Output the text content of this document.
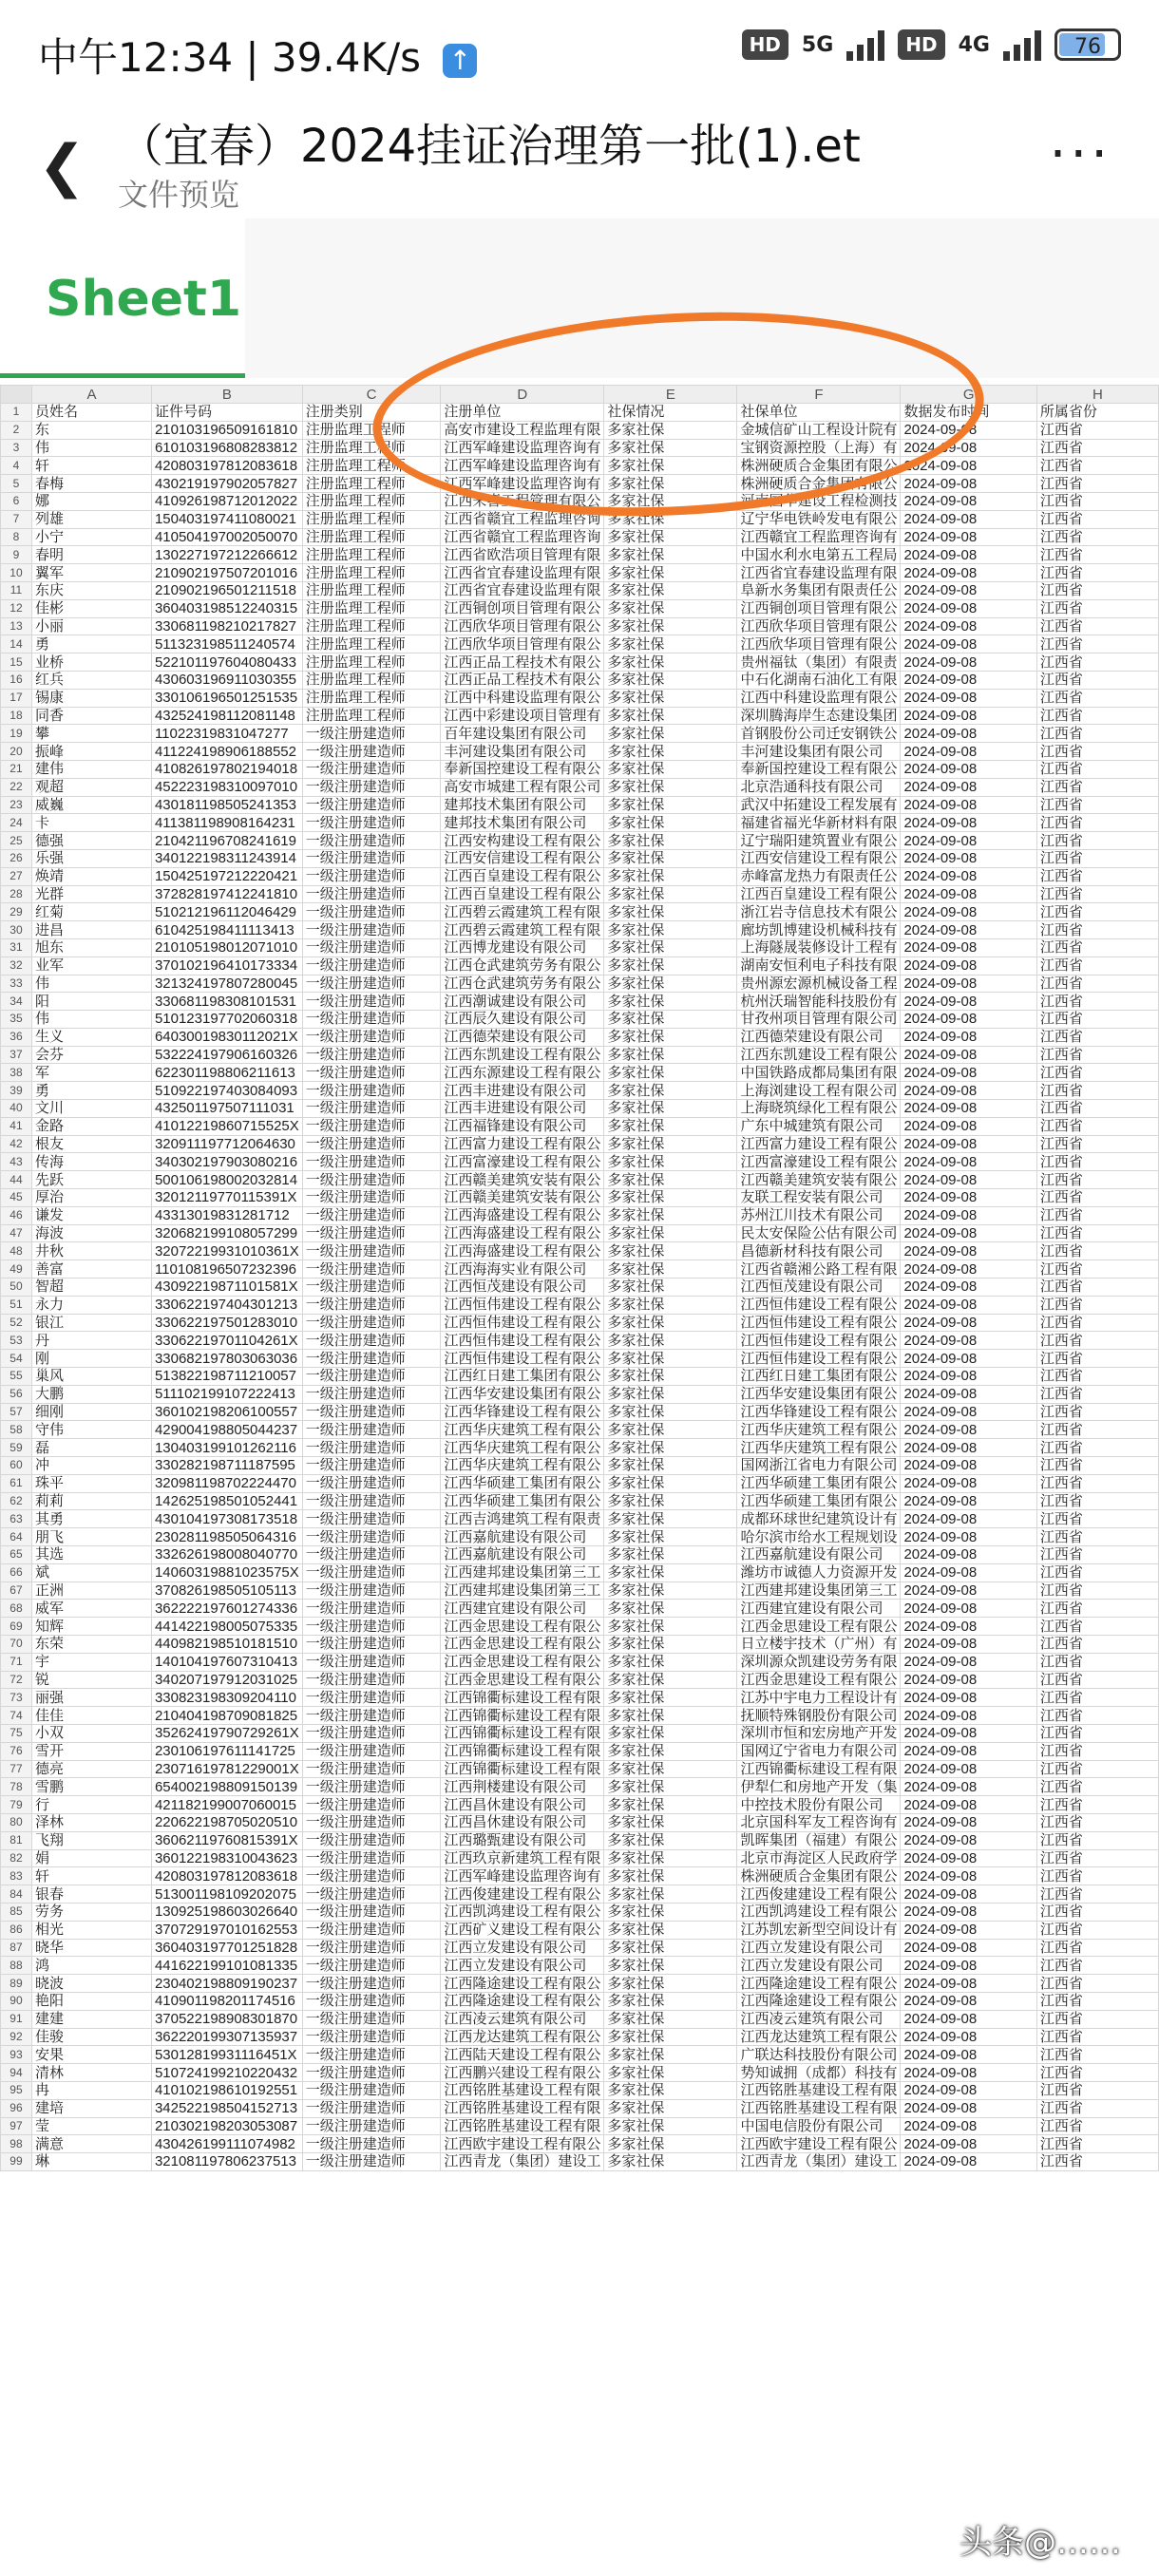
中午12:34 | 39.4K/s ↑	HD	5G	HD	4G	76
❮ （宜春）2024挂证治理第一批(1).et
文件预览
···
Sheet1
	A	B	C	D	E	F	G	H
1	员姓名	证件号码	注册类别	注册单位	社保情况	社保单位	数据发布时间	所属省份
2	东	21010319650916181​0	注册监理工程师	高安市建设工程监理有限	多家社保	金城信矿山工程设计院有	2024-09-08	江西省
3	伟	61010319680828381​2	注册监理工程师	江西军峰建设监理咨询有	多家社保	宝钢资源控股（上海）有	2024-09-08	江西省
4	轩	42080319781208361​8	注册监理工程师	江西军峰建设监理咨询有	多家社保	株洲硬质合金集团有限公	2024-09-08	江西省
5	春梅	43021919790205782​7	注册监理工程师	江西军峰建设监理咨询有	多家社保	株洲硬质合金集团有限公	2024-09-08	江西省
6	娜	41092619871201202​2	注册监理工程师	江西来喜工程管理有限公	多家社保	河南国华建设工程检测技	2024-09-08	江西省
7	列雄	15040319741108002​1	注册监理工程师	江西省赣宜工程监理咨询	多家社保	辽宁华电铁岭发电有限公	2024-09-08	江西省
8	小宁	41050419700205007​0	注册监理工程师	江西省赣宜工程监理咨询	多家社保	江西赣宜工程监理咨询有	2024-09-08	江西省
9	春明	13022719721226661​2	注册监理工程师	江西省欧浩项目管理有限	多家社保	中国水利水电第五工程局	2024-09-08	江西省
10	翼军	21090219750720101​6	注册监理工程师	江西省宜春建设监理有限	多家社保	江西省宜春建设监理有限	2024-09-08	江西省
11	东庆	21090219650121151​8	注册监理工程师	江西省宜春建设监理有限	多家社保	阜新水务集团有限责任公	2024-09-08	江西省
12	佳彬	36040319851224031​5	注册监理工程师	江西铜创项目管理有限公	多家社保	江西铜创项目管理有限公	2024-09-08	江西省
13	小丽	33068119821021782​7	注册监理工程师	江西欣华项目管理有限公	多家社保	江西欣华项目管理有限公	2024-09-08	江西省
14	勇	51132319851124057​4	注册监理工程师	江西欣华项目管理有限公	多家社保	江西欣华项目管理有限公	2024-09-08	江西省
15	业桥	52210119760408043​3	注册监理工程师	江西正品工程技术有限公	多家社保	贵州福钛（集团）有限责	2024-09-08	江西省
16	红兵	43060319691103035​5	注册监理工程师	江西正品工程技术有限公	多家社保	中石化湖南石油化工有限	2024-09-08	江西省
17	锡康	33010619650125153​5	注册监理工程师	江西中科建设监理有限公	多家社保	江西中科建设监理有限公	2024-09-08	江西省
18	同香	43252419811208114​8	注册监理工程师	江西中彩建设项目管理有	多家社保	深圳腾海岸生态建设集团	2024-09-08	江西省
19	攀	11022319831047277	一级注册建造师	百年建设集团有限公司	多家社保	首钢股份公司迁安钢铁公	2024-09-08	江西省
20	振峰	41122419890618855​2	一级注册建造师	丰河建设集团有限公司	多家社保	丰河建设集团有限公司	2024-09-08	江西省
21	建伟	41082619780219401​8	一级注册建造师	奉新国控建设工程有限公	多家社保	奉新国控建设工程有限公	2024-09-08	江西省
22	观超	45222319831009701​0	一级注册建造师	高安市城建工程有限公司	多家社保	北京浩通科技有限公司	2024-09-08	江西省
23	威巍	43018119850524135​3	一级注册建造师	建邦技术集团有限公司	多家社保	武汉中拓建设工程发展有	2024-09-08	江西省
24	卡	41138119890816423​1	一级注册建造师	建邦技术集团有限公司	多家社保	福建省福光华新材料有限	2024-09-08	江西省
25	德强	21042119670824161​9	一级注册建造师	江西安构建设工程有限公	多家社保	辽宁瑞阳建筑置业有限公	2024-09-08	江西省
26	乐强	34012219831124391​4	一级注册建造师	江西安信建设工程有限公	多家社保	江西安信建设工程有限公	2024-09-08	江西省
27	焕靖	15042519721222042​1	一级注册建造师	江西百皇建设工程有限公	多家社保	赤峰富龙热力有限责任公	2024-09-08	江西省
28	光群	37282819741224181​0	一级注册建造师	江西百皇建设工程有限公	多家社保	江西百皇建设工程有限公	2024-09-08	江西省
29	红菊	51021219611204642​9	一级注册建造师	江西碧云霞建筑工程有限	多家社保	浙江岩寺信息技术有限公	2024-09-08	江西省
30	进昌	61042519841111341​3	一级注册建造师	江西碧云霞建筑工程有限	多家社保	廊坊凯博建设机械科技有	2024-09-08	江西省
31	旭东	21010519801207101​0	一级注册建造师	江西博龙建设有限公司	多家社保	上海隧晟装修设计工程有	2024-09-08	江西省
32	业军	37010219641017333​4	一级注册建造师	江西仓武建筑劳务有限公	多家社保	湖南安恒利电子科技有限	2024-09-08	江西省
33	伟	32132419780728004​5	一级注册建造师	江西仓武建筑劳务有限公	多家社保	贵州源宏源机械设备工程	2024-09-08	江西省
34	阳	33068119830810153​1	一级注册建造师	江西潮诚建设有限公司	多家社保	杭州沃瑞智能科技股份有	2024-09-08	江西省
35	伟	51012319770206031​8	一级注册建造师	江西辰久建设有限公司	多家社保	甘孜州项目管理有限公司	2024-09-08	江西省
36	生义	64030019830112021​X	一级注册建造师	江西德荣建设有限公司	多家社保	江西德荣建设有限公司	2024-09-08	江西省
37	会芬	53222419790616032​6	一级注册建造师	江西东凯建设工程有限公	多家社保	江西东凯建设工程有限公	2024-09-08	江西省
38	军	62230119880621161​3	一级注册建造师	江西东源建设工程有限公	多家社保	中国铁路成都局集团有限	2024-09-08	江西省
39	勇	51092219740308409​3	一级注册建造师	江西丰进建设有限公司	多家社保	上海浏建设工程有限公司	2024-09-08	江西省
40	文川	43250119750711103​1	一级注册建造师	江西丰进建设有限公司	多家社保	上海晓筑绿化工程有限公	2024-09-08	江西省
41	金路	41012219860715525​X	一级注册建造师	江西福锋建设有限公司	多家社保	广东中城建筑有限公司	2024-09-08	江西省
42	根友	32091119771206463​0	一级注册建造师	江西富力建设工程有限公	多家社保	江西富力建设工程有限公	2024-09-08	江西省
43	传海	34030219790308021​6	一级注册建造师	江西富濠建设工程有限公	多家社保	江西富濠建设工程有限公	2024-09-08	江西省
44	先跃	50010619800203281​4	一级注册建造师	江西赣美建筑安装有限公	多家社保	江西赣美建筑安装有限公	2024-09-08	江西省
45	厚治	32012119770115391​X	一级注册建造师	江西赣美建筑安装有限公	多家社保	友联工程安装有限公司	2024-09-08	江西省
46	谦发	43313019831281712	一级注册建造师	江西海盛建设工程有限公	多家社保	苏州江川技术有限公司	2024-09-08	江西省
47	海波	32068219910805729​9	一级注册建造师	江西海盛建设工程有限公	多家社保	民太安保险公估有限公司	2024-09-08	江西省
48	井秋	32072219931010361​X	一级注册建造师	江西海盛建设工程有限公	多家社保	昌德新材科技有限公司	2024-09-08	江西省
49	善富	11010819650723239​6	一级注册建造师	江西海海实业有限公司	多家社保	江西省赣湘公路工程有限	2024-09-08	江西省
50	智超	43092219871101581​X	一级注册建造师	江西恒茂建设有限公司	多家社保	江西恒茂建设有限公司	2024-09-08	江西省
51	永力	33062219740430121​3	一级注册建造师	江西恒伟建设工程有限公	多家社保	江西恒伟建设工程有限公	2024-09-08	江西省
52	银江	33062219750128301​0	一级注册建造师	江西恒伟建设工程有限公	多家社保	江西恒伟建设工程有限公	2024-09-08	江西省
53	丹	33062219701104261​X	一级注册建造师	江西恒伟建设工程有限公	多家社保	江西恒伟建设工程有限公	2024-09-08	江西省
54	刚	33068219780306303​6	一级注册建造师	江西恒伟建设工程有限公	多家社保	江西恒伟建设工程有限公	2024-09-08	江西省
55	巢风	51382219871121005​7	一级注册建造师	江西红日建工集团有限公	多家社保	江西红日建工集团有限公	2024-09-08	江西省
56	大鹏	51110219910722241​3	一级注册建造师	江西华安建设集团有限公	多家社保	江西华安建设集团有限公	2024-09-08	江西省
57	细刚	36010219820610055​7	一级注册建造师	江西华锋建设工程有限公	多家社保	江西华锋建设工程有限公	2024-09-08	江西省
58	守伟	42900419880504423​7	一级注册建造师	江西华庆建筑工程有限公	多家社保	江西华庆建筑工程有限公	2024-09-08	江西省
59	磊	13040319910126211​6	一级注册建造师	江西华庆建筑工程有限公	多家社保	江西华庆建筑工程有限公	2024-09-08	江西省
60	冲	33028219871118759​5	一级注册建造师	江西华庆建筑工程有限公	多家社保	国网浙江省电力有限公司	2024-09-08	江西省
61	珠平	32098119870222447​0	一级注册建造师	江西华硕建工集团有限公	多家社保	江西华硕建工集团有限公	2024-09-08	江西省
62	莉莉	14262519850105244​1	一级注册建造师	江西华硕建工集团有限公	多家社保	江西华硕建工集团有限公	2024-09-08	江西省
63	其勇	43010419730817351​8	一级注册建造师	江西吉鸿建筑工程有限责	多家社保	成都环球世纪建筑设计有	2024-09-08	江西省
64	朋飞	23028119850506431​6	一级注册建造师	江西嘉航建设有限公司	多家社保	哈尔滨市给水工程规划设	2024-09-08	江西省
65	其选	33262619800804077​0	一级注册建造师	江西嘉航建设有限公司	多家社保	江西嘉航建设有限公司	2024-09-08	江西省
66	斌	14060319881023575​X	一级注册建造师	江西建邦建设集团第三工	多家社保	潍坊市诚德人力资源开发	2024-09-08	江西省
67	正洲	37082619850510511​3	一级注册建造师	江西建邦建设集团第三工	多家社保	江西建邦建设集团第三工	2024-09-08	江西省
68	威军	36222219760127433​6	一级注册建造师	江西建宜建设有限公司	多家社保	江西建宜建设有限公司	2024-09-08	江西省
69	知辉	44142219800507533​5	一级注册建造师	江西金思建设工程有限公	多家社保	江西金思建设工程有限公	2024-09-08	江西省
70	东荣	44098219851018151​0	一级注册建造师	江西金思建设工程有限公	多家社保	日立楼宇技术（广州）有	2024-09-08	江西省
71	宇	14010419760731041​3	一级注册建造师	江西金思建设工程有限公	多家社保	深圳源众凯建设劳务有限	2024-09-08	江西省
72	锐	34020719791203102​5	一级注册建造师	江西金思建设工程有限公	多家社保	江西金思建设工程有限公	2024-09-08	江西省
73	丽强	33082319830920411​0	一级注册建造师	江西锦衢标建设工程有限	多家社保	江苏中宇电力工程设计有	2024-09-08	江西省
74	佳佳	21040419870908182​5	一级注册建造师	江西锦衢标建设工程有限	多家社保	抚顺特殊钢股份有限公司	2024-09-08	江西省
75	小双	35262419790729261​X	一级注册建造师	江西锦衢标建设工程有限	多家社保	深圳市恒和宏房地产开发	2024-09-08	江西省
76	雪开	23010619761114172​5	一级注册建造师	江西锦衢标建设工程有限	多家社保	国网辽宁省电力有限公司	2024-09-08	江西省
77	德亮	23071619781229001​X	一级注册建造师	江西锦衢标建设工程有限	多家社保	江西锦衢标建设工程有限	2024-09-08	江西省
78	雪鹏	65400219880915013​9	一级注册建造师	江西荆楼建设有限公司	多家社保	伊犁仁和房地产开发（集	2024-09-08	江西省
79	行	42118219900706001​5	一级注册建造师	江西昌休建设有限公司	多家社保	中控技术股份有限公司	2024-09-08	江西省
80	泽林	22062219870502051​0	一级注册建造师	江西昌休建设有限公司	多家社保	北京国科军友工程咨询有	2024-09-08	江西省
81	飞翔	36062119760815391​X	一级注册建造师	江西璐甄建设有限公司	多家社保	凯晖集团（福建）有限公	2024-09-08	江西省
82	娟	36012219831004362​3	一级注册建造师	江西玖京新建筑工程有限	多家社保	北京市海淀区人民政府学	2024-09-08	江西省
83	轩	42080319781208361​8	一级注册建造师	江西军峰建设监理咨询有	多家社保	株洲硬质合金集团有限公	2024-09-08	江西省
84	银春	51300119810920207​5	一级注册建造师	江西俊建建设工程有限公	多家社保	江西俊建建设工程有限公	2024-09-08	江西省
85	劳务	13092519860302664​0	一级注册建造师	江西凯鸿建设工程有限公	多家社保	江西凯鸿建设工程有限公	2024-09-08	江西省
86	相光	37072919701016255​3	一级注册建造师	江西矿义建设工程有限公	多家社保	江苏凯宏新型空间设计有	2024-09-08	江西省
87	晓华	36040319770125182​8	一级注册建造师	江西立发建设有限公司	多家社保	江西立发建设有限公司	2024-09-08	江西省
88	鸿	44162219910108133​5	一级注册建造师	江西立发建设有限公司	多家社保	江西立发建设有限公司	2024-09-08	江西省
89	晓波	23040219880919023​7	一级注册建造师	江西隆途建设工程有限公	多家社保	江西隆途建设工程有限公	2024-09-08	江西省
90	艳阳	41090119820117451​6	一级注册建造师	江西隆途建设工程有限公	多家社保	江西隆途建设工程有限公	2024-09-08	江西省
91	建建	37052219890830187​0	一级注册建造师	江西凌云建筑有限公司	多家社保	江西凌云建筑有限公司	2024-09-08	江西省
92	佳骏	36222019930713593​7	一级注册建造师	江西龙达建筑工程有限公	多家社保	江西龙达建筑工程有限公	2024-09-08	江西省
93	安果	53012819931116451​X	一级注册建造师	江西陆天建设工程有限公	多家社保	广联达科技股份有限公司	2024-09-08	江西省
94	清林	51072419921022043​2	一级注册建造师	江西鹏兴建设工程有限公	多家社保	势知诚拥（成都）科技有	2024-09-08	江西省
95	冉	41010219861019255​1	一级注册建造师	江西铭胜基建设工程有限	多家社保	江西铭胜基建设工程有限	2024-09-08	江西省
96	建培	34252219850415271​3	一级注册建造师	江西铭胜基建设工程有限	多家社保	江西铭胜基建设工程有限	2024-09-08	江西省
97	莹	21030219820305308​7	一级注册建造师	江西铭胜基建设工程有限	多家社保	中国电信股份有限公司	2024-09-08	江西省
98	满意	43042619911107498​2	一级注册建造师	江西欧宇建设工程有限公	多家社保	江西欧宇建设工程有限公	2024-09-08	江西省
99	琳	32108119780623751​3	一级注册建造师	江西青龙（集团）建设工	多家社保	江西青龙（集团）建设工	2024-09-08	江西省
头条@……
